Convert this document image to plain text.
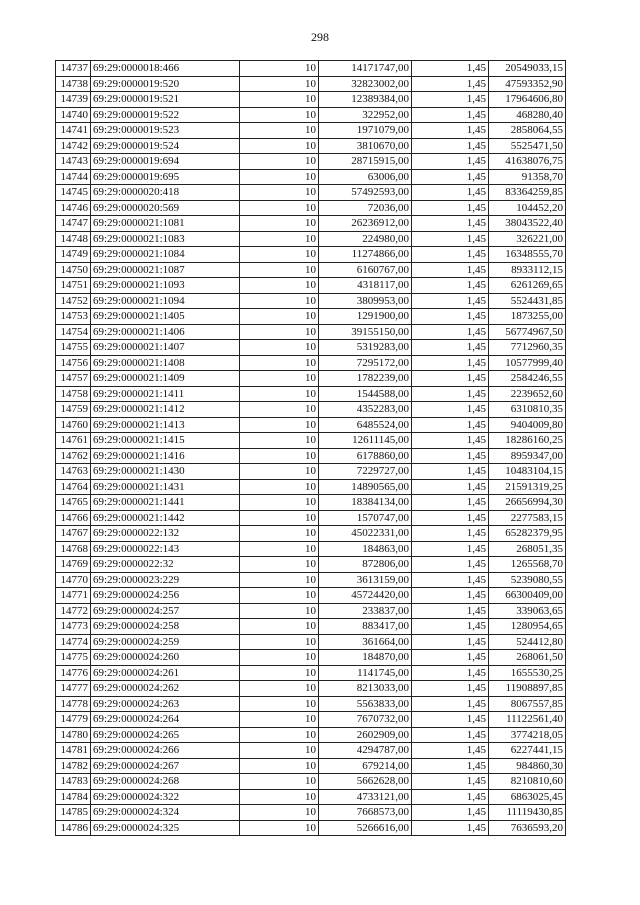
298
14737	69:29:0000018:466	10	14171747,00	1,45	20549033,15
14738	69:29:0000019:520	10	32823002,00	1,45	47593352,90
14739	69:29:0000019:521	10	12389384,00	1,45	17964606,80
14740	69:29:0000019:522	10	322952,00	1,45	468280,40
14741	69:29:0000019:523	10	1971079,00	1,45	2858064,55
14742	69:29:0000019:524	10	3810670,00	1,45	5525471,50
14743	69:29:0000019:694	10	28715915,00	1,45	41638076,75
14744	69:29:0000019:695	10	63006,00	1,45	91358,70
14745	69:29:0000020:418	10	57492593,00	1,45	83364259,85
14746	69:29:0000020:569	10	72036,00	1,45	104452,20
14747	69:29:0000021:1081	10	26236912,00	1,45	38043522,40
14748	69:29:0000021:1083	10	224980,00	1,45	326221,00
14749	69:29:0000021:1084	10	11274866,00	1,45	16348555,70
14750	69:29:0000021:1087	10	6160767,00	1,45	8933112,15
14751	69:29:0000021:1093	10	4318117,00	1,45	6261269,65
14752	69:29:0000021:1094	10	3809953,00	1,45	5524431,85
14753	69:29:0000021:1405	10	1291900,00	1,45	1873255,00
14754	69:29:0000021:1406	10	39155150,00	1,45	56774967,50
14755	69:29:0000021:1407	10	5319283,00	1,45	7712960,35
14756	69:29:0000021:1408	10	7295172,00	1,45	10577999,40
14757	69:29:0000021:1409	10	1782239,00	1,45	2584246,55
14758	69:29:0000021:1411	10	1544588,00	1,45	2239652,60
14759	69:29:0000021:1412	10	4352283,00	1,45	6310810,35
14760	69:29:0000021:1413	10	6485524,00	1,45	9404009,80
14761	69:29:0000021:1415	10	12611145,00	1,45	18286160,25
14762	69:29:0000021:1416	10	6178860,00	1,45	8959347,00
14763	69:29:0000021:1430	10	7229727,00	1,45	10483104,15
14764	69:29:0000021:1431	10	14890565,00	1,45	21591319,25
14765	69:29:0000021:1441	10	18384134,00	1,45	26656994,30
14766	69:29:0000021:1442	10	1570747,00	1,45	2277583,15
14767	69:29:0000022:132	10	45022331,00	1,45	65282379,95
14768	69:29:0000022:143	10	184863,00	1,45	268051,35
14769	69:29:0000022:32	10	872806,00	1,45	1265568,70
14770	69:29:0000023:229	10	3613159,00	1,45	5239080,55
14771	69:29:0000024:256	10	45724420,00	1,45	66300409,00
14772	69:29:0000024:257	10	233837,00	1,45	339063,65
14773	69:29:0000024:258	10	883417,00	1,45	1280954,65
14774	69:29:0000024:259	10	361664,00	1,45	524412,80
14775	69:29:0000024:260	10	184870,00	1,45	268061,50
14776	69:29:0000024:261	10	1141745,00	1,45	1655530,25
14777	69:29:0000024:262	10	8213033,00	1,45	11908897,85
14778	69:29:0000024:263	10	5563833,00	1,45	8067557,85
14779	69:29:0000024:264	10	7670732,00	1,45	11122561,40
14780	69:29:0000024:265	10	2602909,00	1,45	3774218,05
14781	69:29:0000024:266	10	4294787,00	1,45	6227441,15
14782	69:29:0000024:267	10	679214,00	1,45	984860,30
14783	69:29:0000024:268	10	5662628,00	1,45	8210810,60
14784	69:29:0000024:322	10	4733121,00	1,45	6863025,45
14785	69:29:0000024:324	10	7668573,00	1,45	11119430,85
14786	69:29:0000024:325	10	5266616,00	1,45	7636593,20
